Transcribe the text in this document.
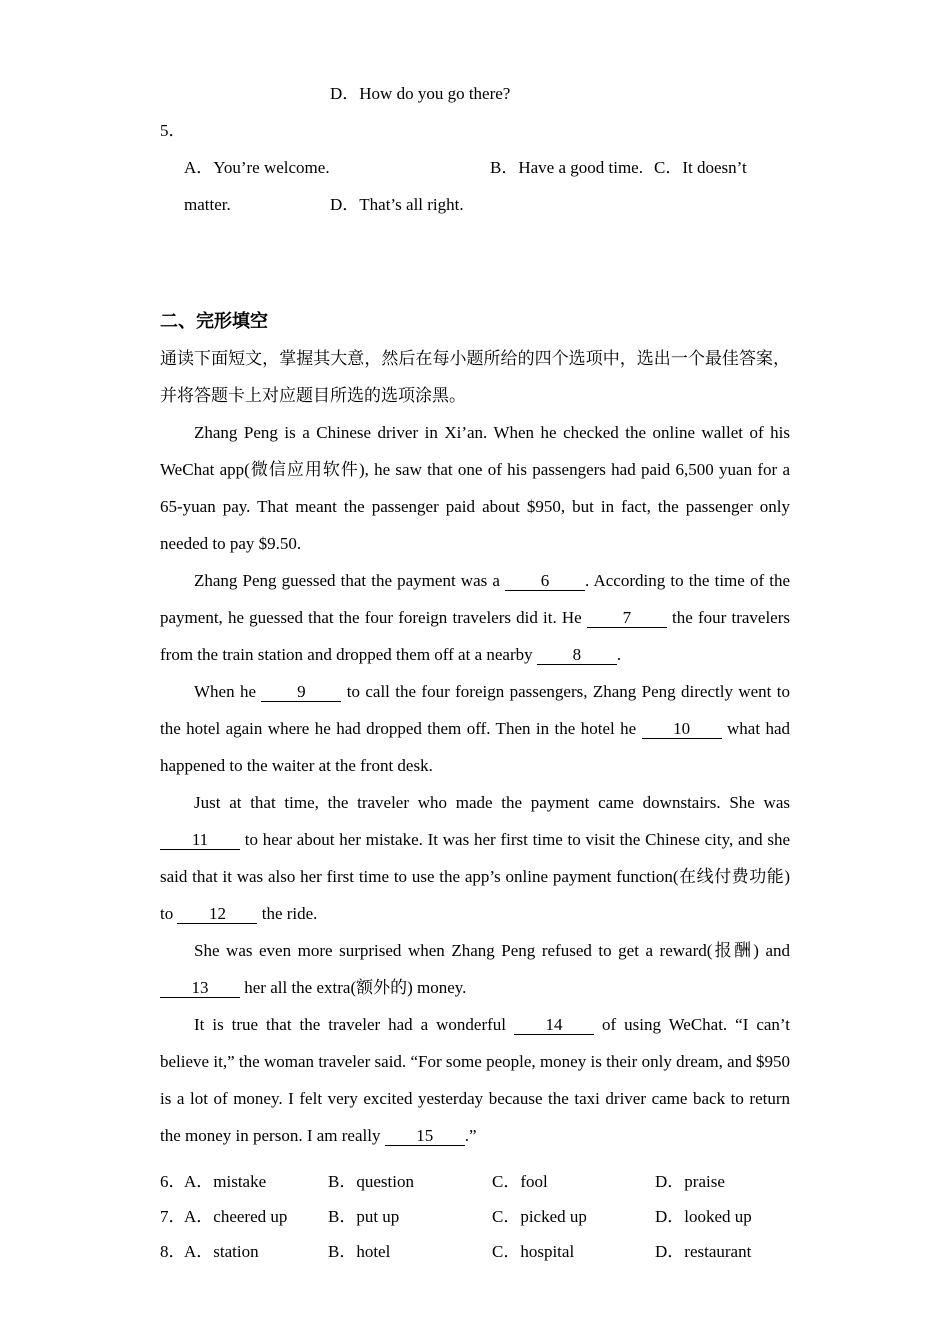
D．How do you go there?
5．
A．You’re welcome.	B．Have a good time. C．It doesn’t
matter.	D．That’s all right.
二、完形填空

通读下面短文，掌握其大意，然后在每小题所给的四个选项中，选出一个最佳答案，并将答题卡上对应题目所选的选项涂黑。

Zhang Peng is a Chinese driver in Xi’an. When he checked the online wallet of his WeChat app(微信应用软件), he saw that one of his passengers had paid 6,500 yuan for a 65-yuan pay. That meant the passenger paid about $950, but in fact, the passenger only needed to pay $9.50.

Zhang Peng guessed that the payment was a 6 . According to the time of the payment, he guessed that the four foreign travelers did it. He 7 the four travelers from the train station and dropped them off at a nearby 8 .

When he 9 to call the four foreign passengers, Zhang Peng directly went to the hotel again where he had dropped them off. Then in the hotel he 10 what had happened to the waiter at the front desk.

Just at that time, the traveler who made the payment came downstairs. She was 11 to hear about her mistake. It was her first time to visit the Chinese city, and she said that it was also her first time to use the app’s online payment function(在线付费功能) to 12 the ride.

She was even more surprised when Zhang Peng refused to get a reward(报酬) and 13 her all the extra(额外的) money.

It is true that the traveler had a wonderful 14 of using WeChat. “I can’t believe it,” the woman traveler said. “For some people, money is their only dream, and $950 is a lot of money. I felt very excited yesterday because the taxi driver came back to return the money in person. I am really 15 .”

6．
A．mistake	B．question	C．fool	D．praise
7．
A．cheered up	B．put up	C．picked up	D．looked up
8．
A．station	B．hotel	C．hospital	D．restaurant
